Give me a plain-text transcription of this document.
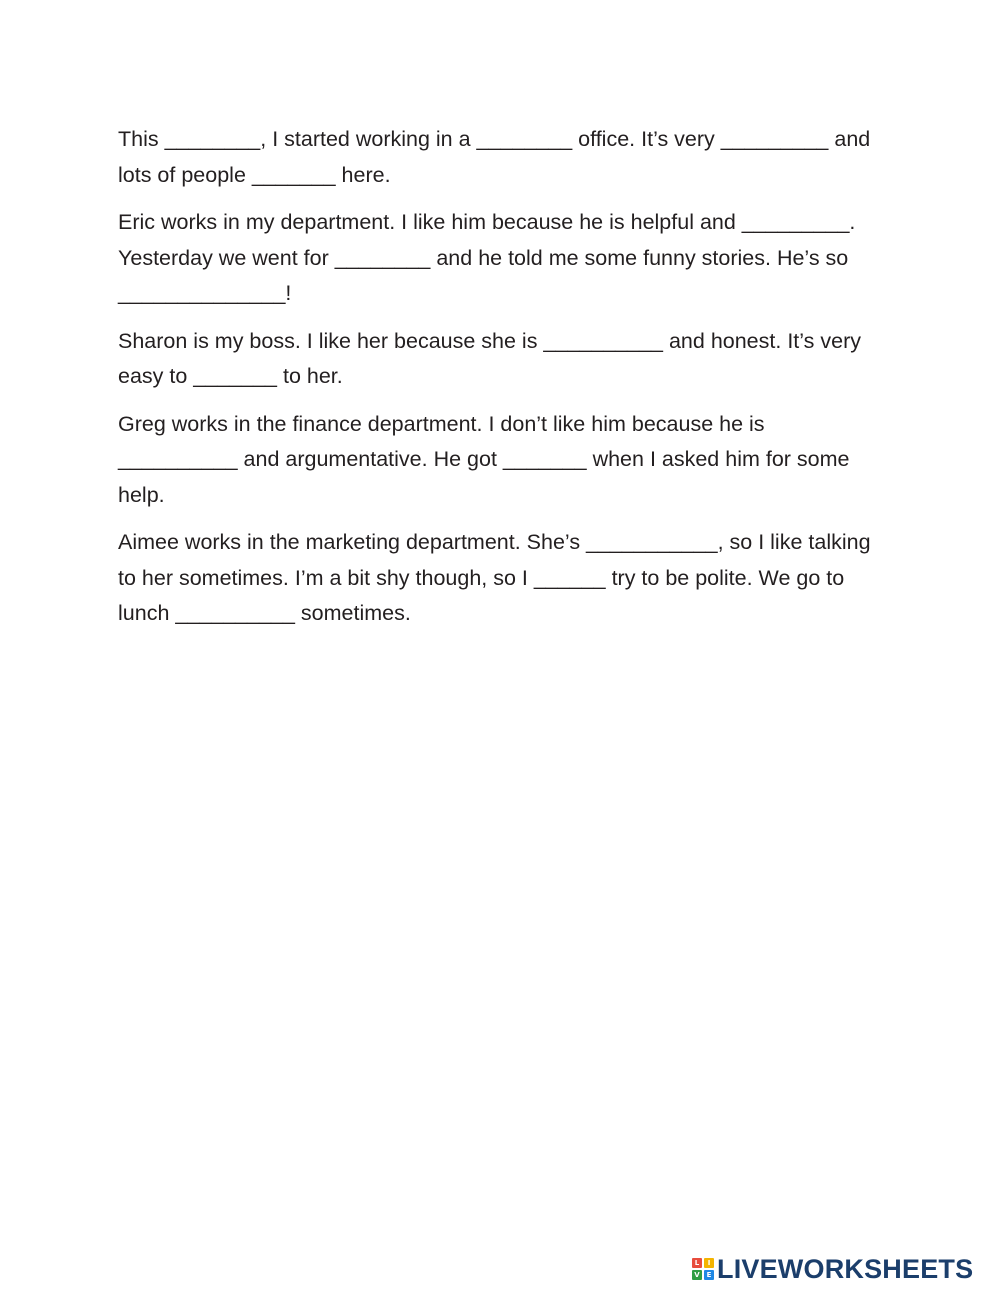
This ________, I started working in a ________ office. It’s very _________ and lots of people _______ here.

Eric works in my department. I like him because he is helpful and _________. Yesterday we went for ________ and he told me some funny stories. He’s so ______________!

Sharon is my boss. I like her because she is __________ and honest. It’s very easy to _______ to her.

Greg works in the finance department. I don’t like him because he is __________ and argumentative. He got _______ when I asked him for some help.

Aimee works in the marketing department. She’s ___________, so I like talking to her sometimes. I’m a bit shy though, so I ______ try to be polite. We go to lunch __________ sometimes.

L	I
V E LIVEWORKSHEETS
